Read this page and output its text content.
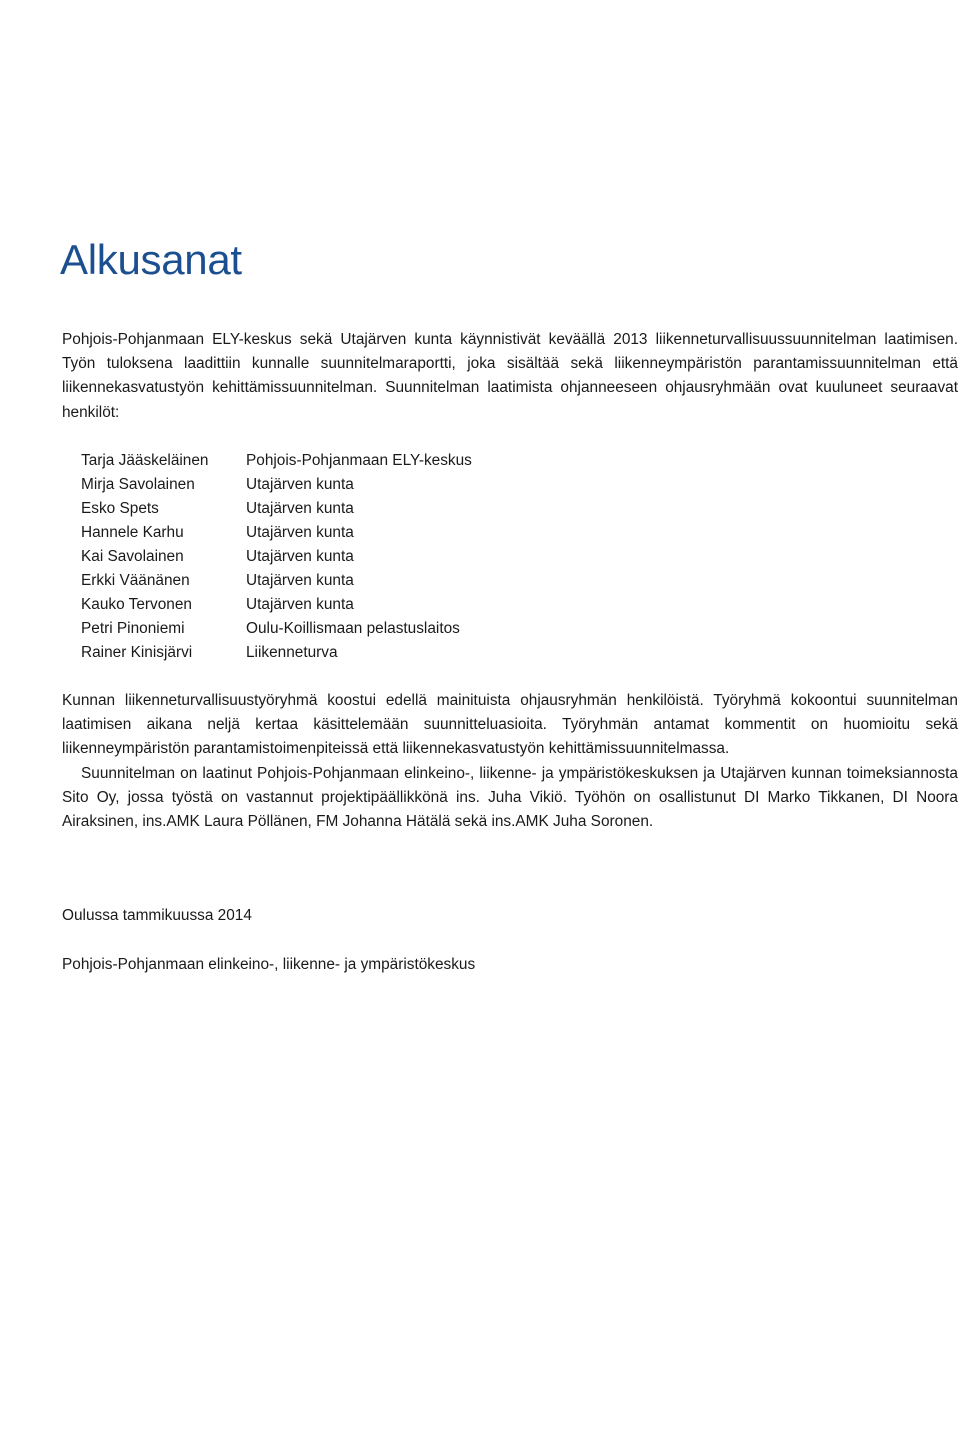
Alkusanat

Pohjois-Pohjanmaan ELY-keskus sekä Utajärven kunta käynnistivät keväällä 2013 liikenneturvallisuussuunnitelman laatimisen. Työn tuloksena laadittiin kunnalle suunnitelmaraportti, joka sisältää sekä liikenneympäristön parantamissuunnitelman että liikennekasvatustyön kehittämissuunnitelman. Suunnitelman laatimista ohjanneeseen ohjausryhmään ovat kuuluneet seuraavat henkilöt:

Tarja Jääskeläinen	Pohjois-Pohjanmaan ELY-keskus
Mirja Savolainen	Utajärven kunta
Esko Spets	Utajärven kunta
Hannele Karhu	Utajärven kunta
Kai Savolainen	Utajärven kunta
Erkki Väänänen	Utajärven kunta
Kauko Tervonen	Utajärven kunta
Petri Pinoniemi	Oulu-Koillismaan pelastuslaitos
Rainer Kinisjärvi	Liikenneturva

Kunnan liikenneturvallisuustyöryhmä koostui edellä mainituista ohjausryhmän henkilöistä. Työryhmä kokoontui suunnitelman laatimisen aikana neljä kertaa käsittelemään suunnitteluasioita. Työryhmän antamat kommentit on huomioitu sekä liikenneympäristön parantamistoimenpiteissä että liikennekasvatustyön kehittämissuunnitelmassa.

Suunnitelman on laatinut Pohjois-Pohjanmaan elinkeino-, liikenne- ja ympäristökeskuksen ja Utajärven kunnan toimeksiannosta Sito Oy, jossa työstä on vastannut projektipäällikkönä ins. Juha Vikiö. Työhön on osallistunut DI Marko Tikkanen, DI Noora Airaksinen, ins.AMK Laura Pöllänen, FM Johanna Hätälä sekä ins.AMK Juha Soronen.

Oulussa tammikuussa 2014

Pohjois-Pohjanmaan elinkeino-, liikenne- ja ympäristökeskus
